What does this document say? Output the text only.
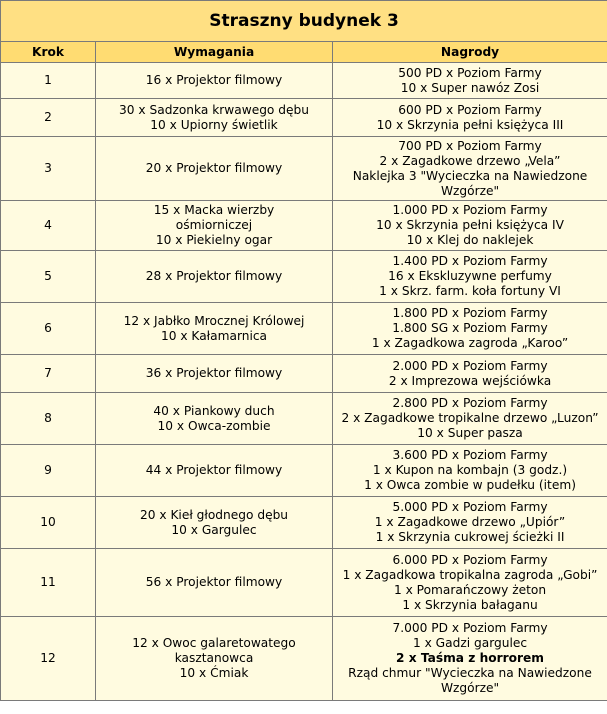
Straszny budynek 3		
Krok	Wymagania	Nagrody
1	16 x Projektor filmowy	500 PD x Poziom Farmy
10 x Super nawóz Zosi

2	30 x Sadzonka krwawego dębu
10 x Upiorny świetlik	600 PD x Poziom Farmy
10 x Skrzynia pełni księżyca III

3	20 x Projektor filmowy	700 PD x Poziom Farmy
2 x Zagadkowe drzewo „Vela”
Naklejka 3 "Wycieczka na Nawiedzone
Wzgórze"

4	15 x Macka wierzby
ośmiorniczej
10 x Piekielny ogar	1.000 PD x Poziom Farmy
10 x Skrzynia pełni księżyca IV
10 x Klej do naklejek

5	28 x Projektor filmowy	1.400 PD x Poziom Farmy
16 x Ekskluzywne perfumy
1 x Skrz. farm. koła fortuny VI

6	12 x Jabłko Mrocznej Królowej
10 x Kałamarnica	1.800 PD x Poziom Farmy
1.800 SG x Poziom Farmy
1 x Zagadkowa zagroda „Karoo”

7	36 x Projektor filmowy	2.000 PD x Poziom Farmy
2 x Imprezowa wejściówka

8	40 x Piankowy duch
10 x Owca-zombie	2.800 PD x Poziom Farmy
2 x Zagadkowe tropikalne drzewo „Luzon”
10 x Super pasza

9	44 x Projektor filmowy	3.600 PD x Poziom Farmy
1 x Kupon na kombajn (3 godz.)
1 x Owca zombie w pudełku (item)

10	20 x Kieł głodnego dębu
10 x Gargulec	5.000 PD x Poziom Farmy
1 x Zagadkowe drzewo „Upiór”
1 x Skrzynia cukrowej ścieżki II

11	56 x Projektor filmowy	6.000 PD x Poziom Farmy
1 x Zagadkowa tropikalna zagroda „Gobi”
1 x Pomarańczowy żeton
1 x Skrzynia bałaganu

12	12 x Owoc galaretowatego
kasztanowca
10 x Ćmiak	7.000 PD x Poziom Farmy
1 x Gadzi gargulec
2 x Taśma z horrorem
Rząd chmur "Wycieczka na Nawiedzone
Wzgórze"
